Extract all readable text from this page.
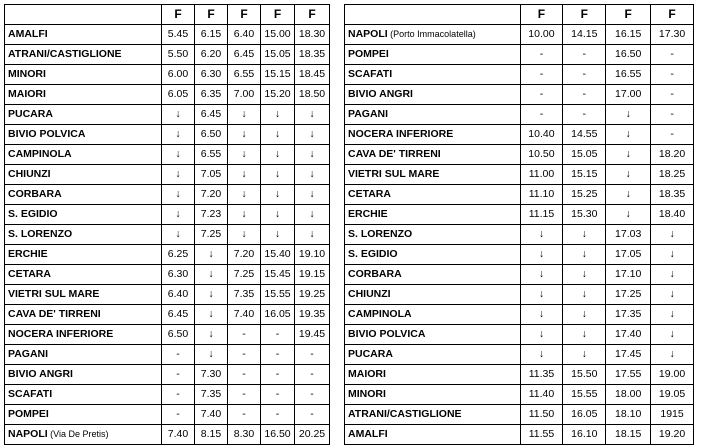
	F	F	F	F	F
AMALFI	5.45	6.15	6.40	15.00	18.30
ATRANI/CASTIGLIONE	5.50	6.20	6.45	15.05	18.35
MINORI	6.00	6.30	6.55	15.15	18.45
MAIORI	6.05	6.35	7.00	15.20	18.50
PUCARA	↓	6.45	↓	↓	↓
BIVIO POLVICA	↓	6.50	↓	↓	↓
CAMPINOLA	↓	6.55	↓	↓	↓
CHIUNZI	↓	7.05	↓	↓	↓
CORBARA	↓	7.20	↓	↓	↓
S. EGIDIO	↓	7.23	↓	↓	↓
S. LORENZO	↓	7.25	↓	↓	↓
ERCHIE	6.25	↓	7.20	15.40	19.10
CETARA	6.30	↓	7.25	15.45	19.15
VIETRI SUL MARE	6.40	↓	7.35	15.55	19.25
CAVA DE' TIRRENI	6.45	↓	7.40	16.05	19.35
NOCERA INFERIORE	6.50	↓	-	-	19.45
PAGANI	-	↓	-	-	-
BIVIO ANGRI	-	7.30	-	-	-
SCAFATI	-	7.35	-	-	-
POMPEI	-	7.40	-	-	-
NAPOLI (Via De Pretis)	7.40	8.15	8.30	16.50	20.25
	F	F	F	F
NAPOLI (Porto Immacolatella)	10.00	14.15	16.15	17.30
POMPEI	-	-	16.50	-
SCAFATI	-	-	16.55	-
BIVIO ANGRI	-	-	17.00	-
PAGANI	-	-	↓	-
NOCERA INFERIORE	10.40	14.55	↓	-
CAVA DE' TIRRENI	10.50	15.05	↓	18.20
VIETRI SUL MARE	11.00	15.15	↓	18.25
CETARA	11.10	15.25	↓	18.35
ERCHIE	11.15	15.30	↓	18.40
S. LORENZO	↓	↓	17.03	↓
S. EGIDIO	↓	↓	17.05	↓
CORBARA	↓	↓	17.10	↓
CHIUNZI	↓	↓	17.25	↓
CAMPINOLA	↓	↓	17.35	↓
BIVIO POLVICA	↓	↓	17.40	↓
PUCARA	↓	↓	17.45	↓
MAIORI	11.35	15.50	17.55	19.00
MINORI	11.40	15.55	18.00	19.05
ATRANI/CASTIGLIONE	11.50	16.05	18.10	1915
AMALFI	11.55	16.10	18.15	19.20
